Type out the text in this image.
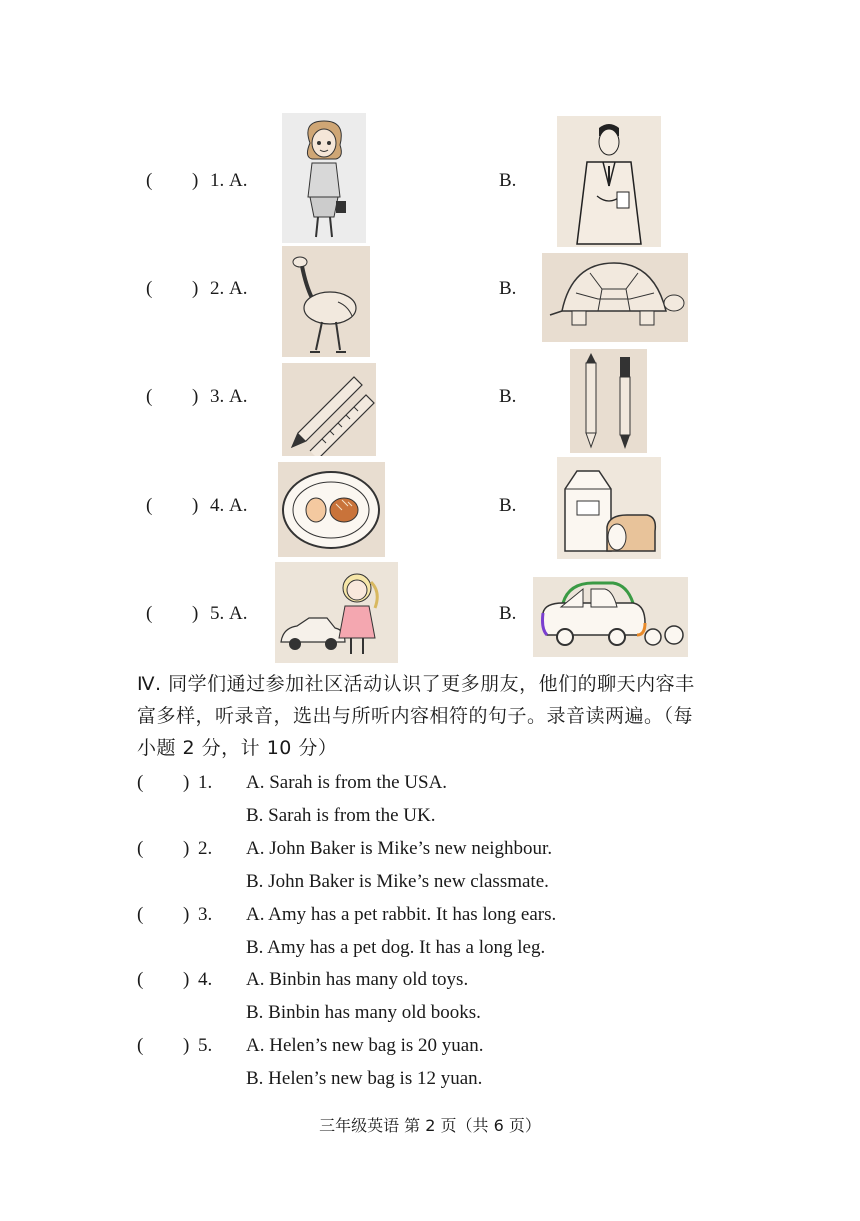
( ) 1. A.	B.
( ) 2. A.	B.
( ) 3. A.	B.
( ) 4. A.	B.
( ) 5. A.	B.
Ⅳ. 同学们通过参加社区活动认识了更多朋友，他们的聊天内容丰
富多样，听录音，选出与所听内容相符的句子。录音读两遍。（每
小题 2 分，计 10 分）
( ) 1. A. Sarah is from the USA.
B. Sarah is from the UK.
( ) 2. A. John Baker is Mike’s new neighbour.
B. John Baker is Mike’s new classmate.
( ) 3. A. Amy has a pet rabbit. It has long ears.
B. Amy has a pet dog. It has a long leg.
( ) 4. A. Binbin has many old toys.
B. Binbin has many old books.
( ) 5. A. Helen’s new bag is 20 yuan.
B. Helen’s new bag is 12 yuan.
三年级英语 第 2 页（共 6 页）
